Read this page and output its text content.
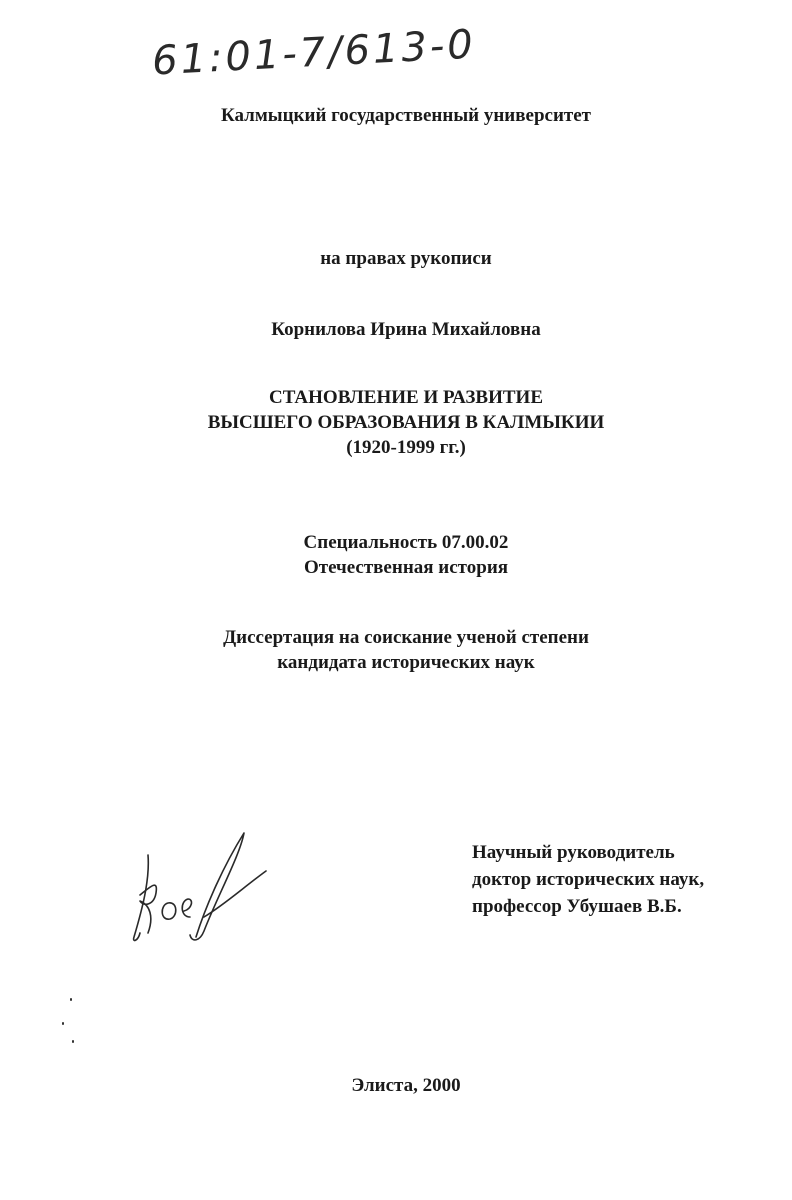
61:01-7/613-0
Калмыцкий государственный университет
на правах рукописи
Корнилова Ирина Михайловна
СТАНОВЛЕНИЕ И РАЗВИТИЕ
ВЫСШЕГО ОБРАЗОВАНИЯ В КАЛМЫКИИ
(1920-1999 гг.)
Специальность 07.00.02
Отечественная история
Диссертация на соискание ученой степени
кандидата исторических наук
Научный руководитель
доктор исторических наук,
профессор Убушаев В.Б.
Элиста, 2000
